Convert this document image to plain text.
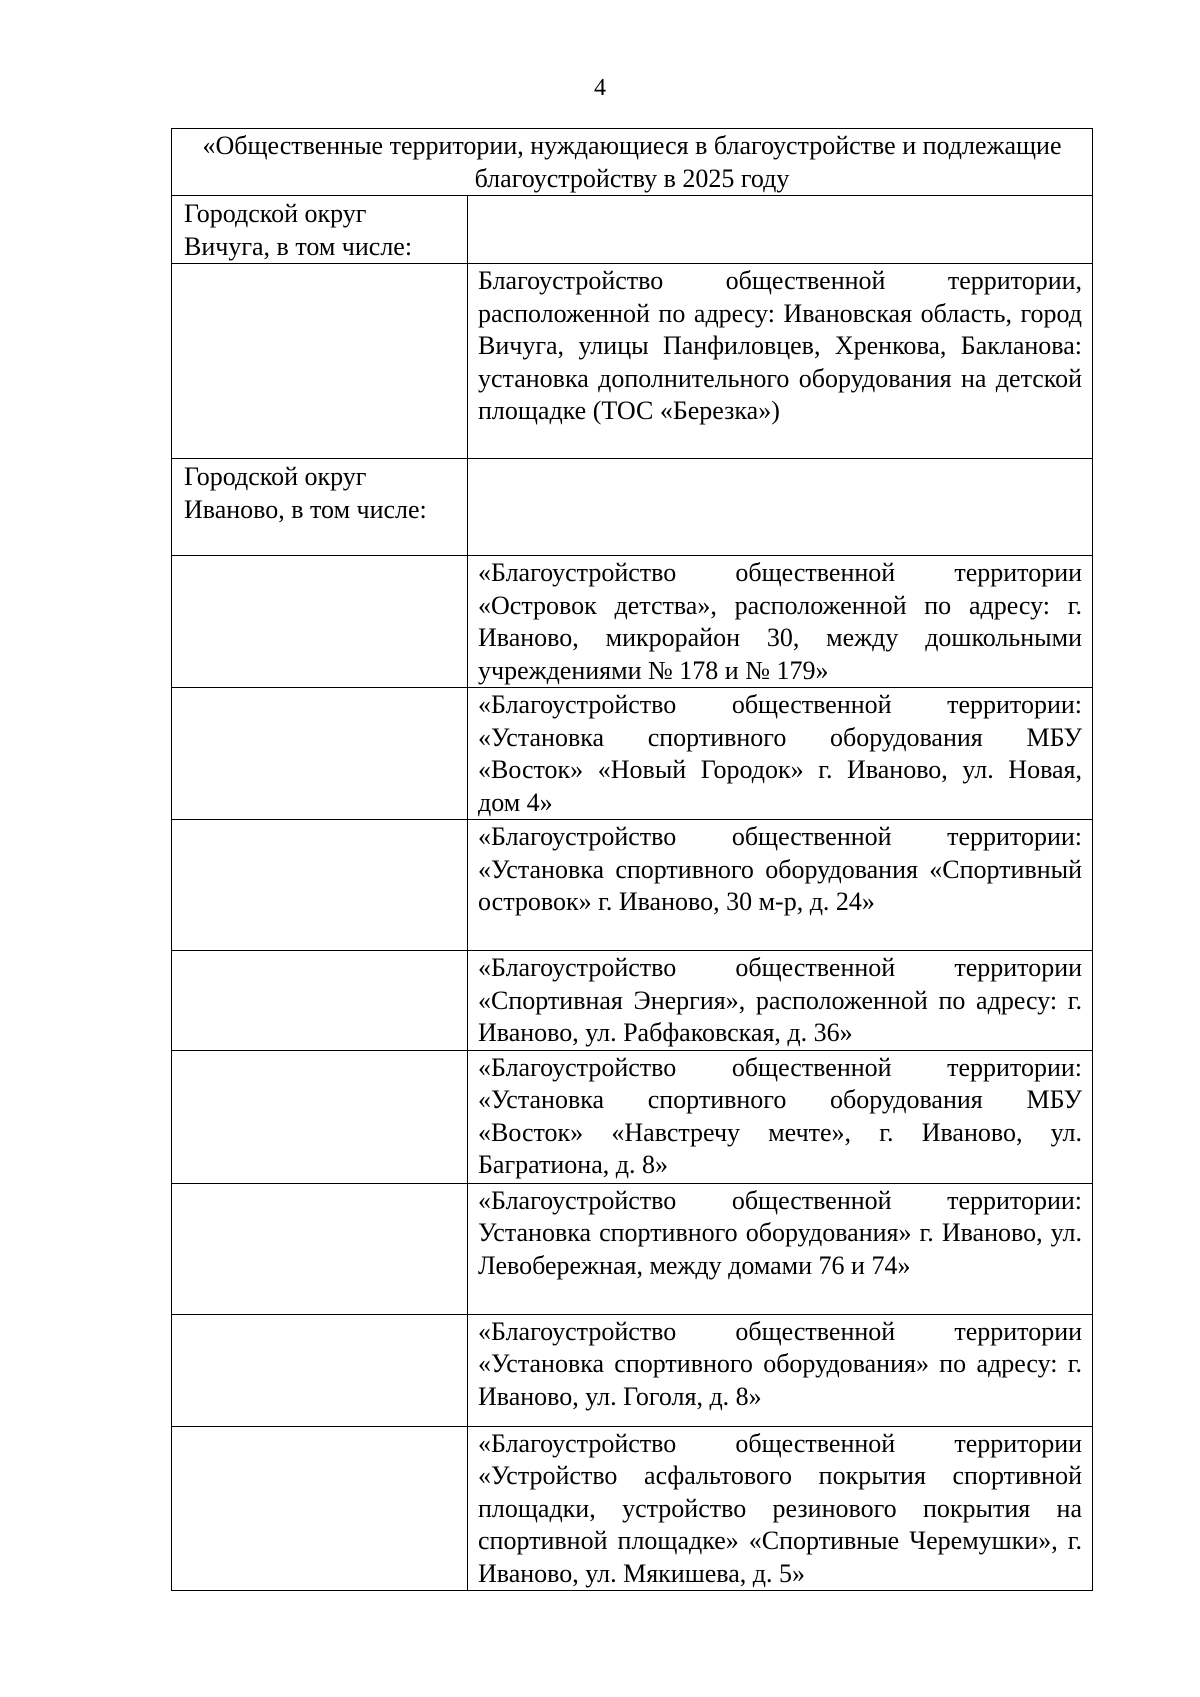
4
«Общественные территории, нуждающиеся в благоустройстве и подлежащие благоустройству в 2025 году	
Городской округ Вичуга, в том числе:	
	Благоустройство общественной территории, расположенной по адресу: Ивановская область, город Вичуга, улицы Панфиловцев, Хренкова, Бакланова: установка дополнительного оборудования на детской площадке (ТОС «Березка»)
Городской округ Иваново, в том числе:	
	«Благоустройство общественной территории «Островок детства», расположенной по адресу: г. Иваново, микрорайон 30, между дошкольными учреждениями № 178 и № 179»
	«Благоустройство общественной территории: «Установка спортивного оборудования МБУ «Восток» «Новый Городок» г. Иваново, ул. Новая, дом 4»
	«Благоустройство общественной территории: «Установка спортивного оборудования «Спортивный островок» г. Иваново, 30 м-р, д. 24»
	«Благоустройство общественной территории «Спортивная Энергия», расположенной по адресу: г. Иваново, ул. Рабфаковская, д. 36»
	«Благоустройство общественной территории: «Установка спортивного оборудования МБУ «Восток» «Навстречу мечте», г. Иваново, ул. Багратиона, д. 8»
	«Благоустройство общественной территории: Установка спортивного оборудования» г. Иваново, ул. Левобережная, между домами 76 и 74»
	«Благоустройство общественной территории «Установка спортивного оборудования» по адресу: г. Иваново, ул. Гоголя, д. 8»
	«Благоустройство общественной территории «Устройство асфальтового покрытия спортивной площадки, устройство резинового покрытия на спортивной площадке» «Спортивные Черемушки», г. Иваново, ул. Мякишева, д. 5»
